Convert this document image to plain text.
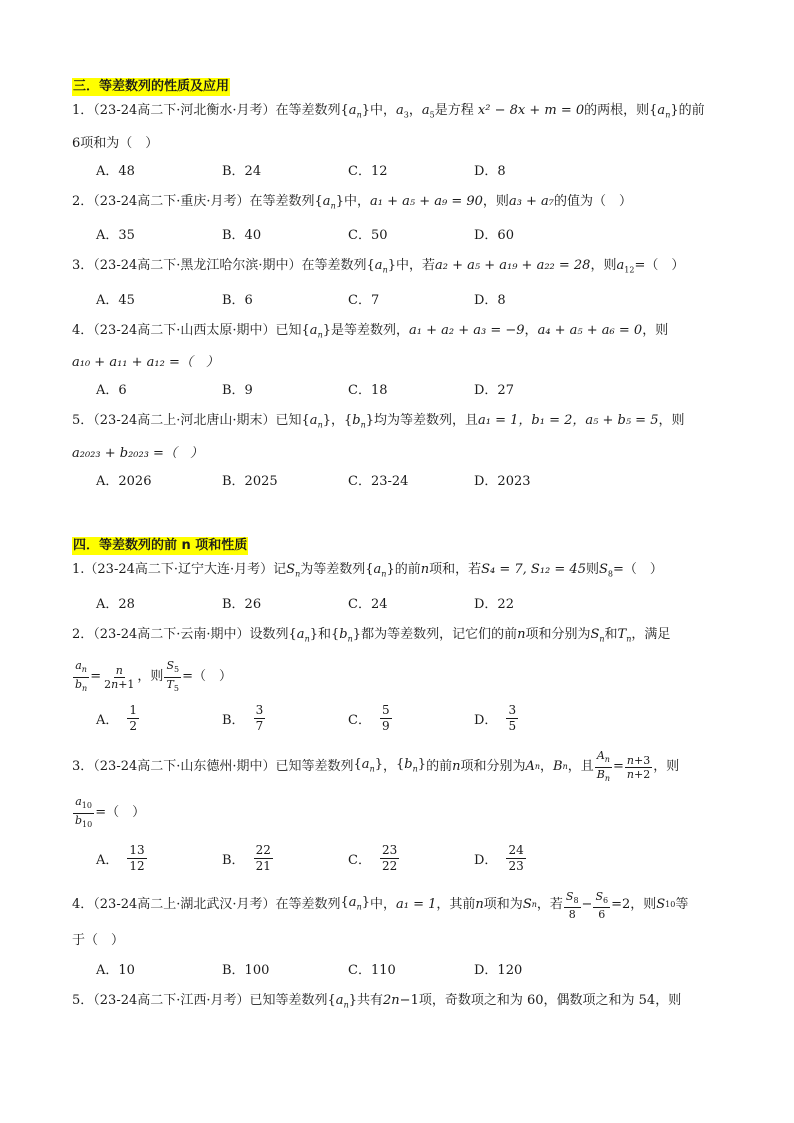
三．等差数列的性质及应用
1．（23-24高二下·河北衡水·月考）在等差数列$\{a_n\}$中，$a_3$，$a_5$是方程 x² − 8x + m = 0的两根，则$\{a_n\}$的前
6项和为（　）
A．48	B．24	C．12	D．8
2．（23-24高二下·重庆·月考）在等差数列$\{a_n\}$中，a₁ + a₅ + a₉ = 90，则a₃ + a₇的值为（　）
A．35	B．40	C．50	D．60
3．（23-24高二下·黑龙江哈尔滨·期中）在等差数列$\{a_n\}$中，若a₂ + a₅ + a₁₉ + a₂₂ = 28，则$a_{12}=$（　）
A．45	B．6	C．7	D．8
4．（23-24高二下·山西太原·期中）已知$\{a_n\}$是等差数列，a₁ + a₂ + a₃ = −9，a₄ + a₅ + a₆ = 0，则
a₁₀ + a₁₁ + a₁₂ =（　）
A．6	B．9	C．18	D．27
5．（23-24高二上·河北唐山·期末）已知$\{a_n\}$，$\{b_n\}$均为等差数列，且a₁ = 1，b₁ = 2，a₅ + b₅ = 5，则
a₂₀₂₃ + b₂₀₂₃ =（　）
A．2026	B．2025	C．23-24	D．2023
四．等差数列的前 n 项和性质
1.（23-24高二下·辽宁大连·月考）记$S_n$为等差数列$\{a_n\}$的前n项和，若S₄ = 7, S₁₂ = 45则$S_8=$（　）
A．28	B．26	C．24	D．22
2．（23-24高二下·云南·期中）设数列$\{a_n\}$和$\{b_n\}$都为等差数列，记它们的前n项和分别为$S_n$和$T_n$，满足
$\frac{a_n}{b_n} = \frac{n}{2n+1}$ ，则 $\frac{S_5}{T_5}$ =（　）
A． $\frac{1}{2}$	B． $\frac{3}{7}$	C． $\frac{5}{9}$	D． $\frac{3}{5}$
3．（23-24高二下·山东德州·期中）已知等差数列 $\{a_n\}$ ， $\{b_n\}$ 的前 n 项和分别为 A n ， B n ，且 $\frac{A_n}{B_n} = \frac{n+3}{n+2}$ ，则
$\frac{a_{10}}{b_{10}}$ =（　）
A． $\frac{13}{12}$	B． $\frac{22}{21}$	C． $\frac{23}{22}$	D． $\frac{24}{23}$
4．（23-24高二上·湖北武汉·月考）在等差数列 $\{a_n\}$ 中， a₁ = 1 ，其前 n 项和为 S n ，若 $\frac{S_8}{8} - \frac{S_6}{6} =2$ ，则 S 10 等
于（　）
A．10	B．100	C．110	D．120
5．（23-24高二下·江西·月考）已知等差数列$\{a_n\}$共有2n−1项，奇数项之和为 60，偶数项之和为 54，则
